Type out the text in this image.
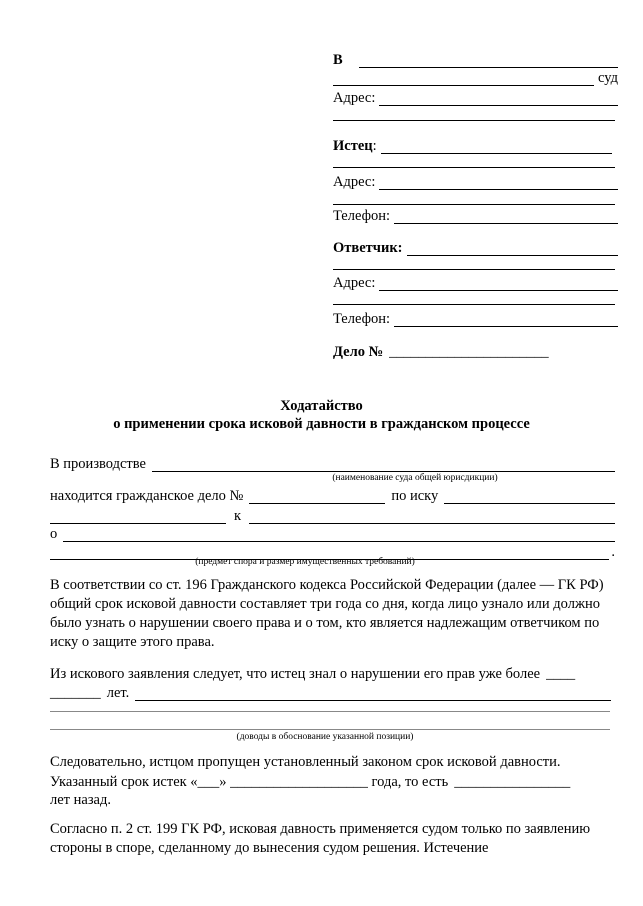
В
суд
Адрес:
Истец:
Адрес:
Телефон:
Ответчик:
Адрес:
Телефон:
Дело № ______________________
Ходатайство
о применении срока исковой давности в гражданском процессе
В производстве
(наименование суда общей юрисдикции)
находится гражданское дело №	по иску
к
о
.
(предмет спора и размер имущественных требований)

В соответствии со ст. 196 Гражданского кодекса Российской Федерации (далее — ГК РФ) общий срок исковой давности составляет три года со дня, когда лицо узнало или должно было узнать о нарушении своего права и о том, кто является надлежащим ответчиком по иску о защите этого права.

Из искового заявления следует, что истец знал о нарушении его прав уже более ____
_______ лет.
(доводы в обоснование указанной позиции)

Следовательно, истцом пропущен установленный законом срок исковой давности.

Указанный срок истек «___» ___________________ года, то есть ________________

лет назад.

Согласно п. 2 ст. 199 ГК РФ, исковая давность применяется судом только по заявлению стороны в споре, сделанному до вынесения судом решения. Истечение
